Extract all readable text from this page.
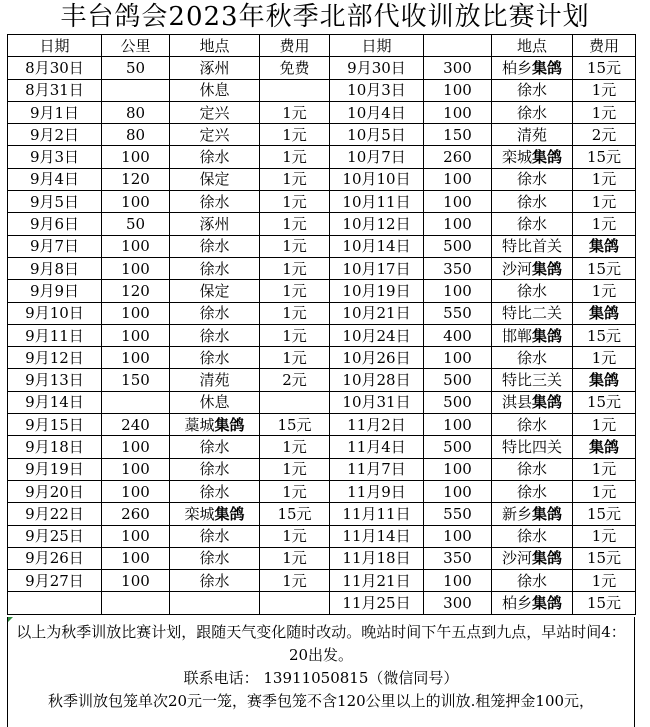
丰台鸽会2023年秋季北部代收训放比赛计划
日期	公里	地点	费用	日期		地点	费用
8月30日	50	涿州	免费	9月30日	300	柏乡集鸽	15元
8月31日		休息		10月3日	100	徐水	1元
9月1日	80	定兴	1元	10月4日	100	徐水	1元
9月2日	80	定兴	1元	10月5日	150	清苑	2元
9月3日	100	徐水	1元	10月7日	260	栾城集鸽	15元
9月4日	120	保定	1元	10月10日	100	徐水	1元
9月5日	100	徐水	1元	10月11日	100	徐水	1元
9月6日	50	涿州	1元	10月12日	100	徐水	1元
9月7日	100	徐水	1元	10月14日	500	特比首关	集鸽
9月8日	100	徐水	1元	10月17日	350	沙河集鸽	15元
9月9日	120	保定	1元	10月19日	100	徐水	1元
9月10日	100	徐水	1元	10月21日	550	特比二关	集鸽
9月11日	100	徐水	1元	10月24日	400	邯郸集鸽	15元
9月12日	100	徐水	1元	10月26日	100	徐水	1元
9月13日	150	清苑	2元	10月28日	500	特比三关	集鸽
9月14日		休息		10月31日	500	淇县集鸽	15元
9月15日	240	藁城集鸽	15元	11月2日	100	徐水	1元
9月18日	100	徐水	1元	11月4日	500	特比四关	集鸽
9月19日	100	徐水	1元	11月7日	100	徐水	1元
9月20日	100	徐水	1元	11月9日	100	徐水	1元
9月22日	260	栾城集鸽	15元	11月11日	550	新乡集鸽	15元
9月25日	100	徐水	1元	11月14日	100	徐水	1元
9月26日	100	徐水	1元	11月18日	350	沙河集鸽	15元
9月27日	100	徐水	1元	11月21日	100	徐水	1元
				11月25日	300	柏乡集鸽	15元

以上为秋季训放比赛计划，跟随天气变化随时改动。晚站时间下午五点到九点，早站时间4：20出发。

联系电话： 13911050815（微信同号）

秋季训放包笼单次20元一笼，赛季包笼不含120公里以上的训放.租笼押金100元，
